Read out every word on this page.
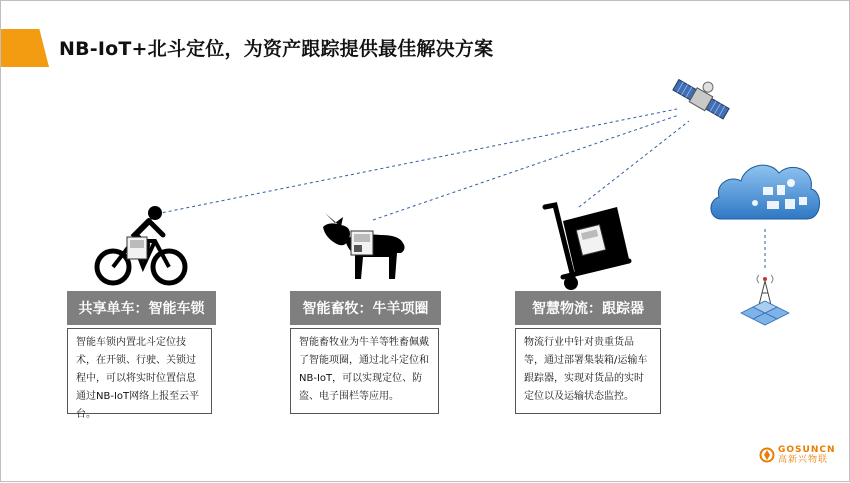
NB-IoT+北斗定位，为资产跟踪提供最佳解决方案
共享单车：智能车锁
智能车锁内置北斗定位技术，在开锁、行驶、关锁过程中，可以将实时位置信息通过NB-IoT网络上报至云平台。
智能畜牧：牛羊项圈
智能畜牧业为牛羊等牲畜佩戴了智能项圈，通过北斗定位和NB-IoT，可以实现定位、防盗、电子围栏等应用。
智慧物流：跟踪器
物流行业中针对贵重货品等，通过部署集装箱/运输车跟踪器，实现对货品的实时定位以及运输状态监控。
GOSUNCN
高新兴物联
